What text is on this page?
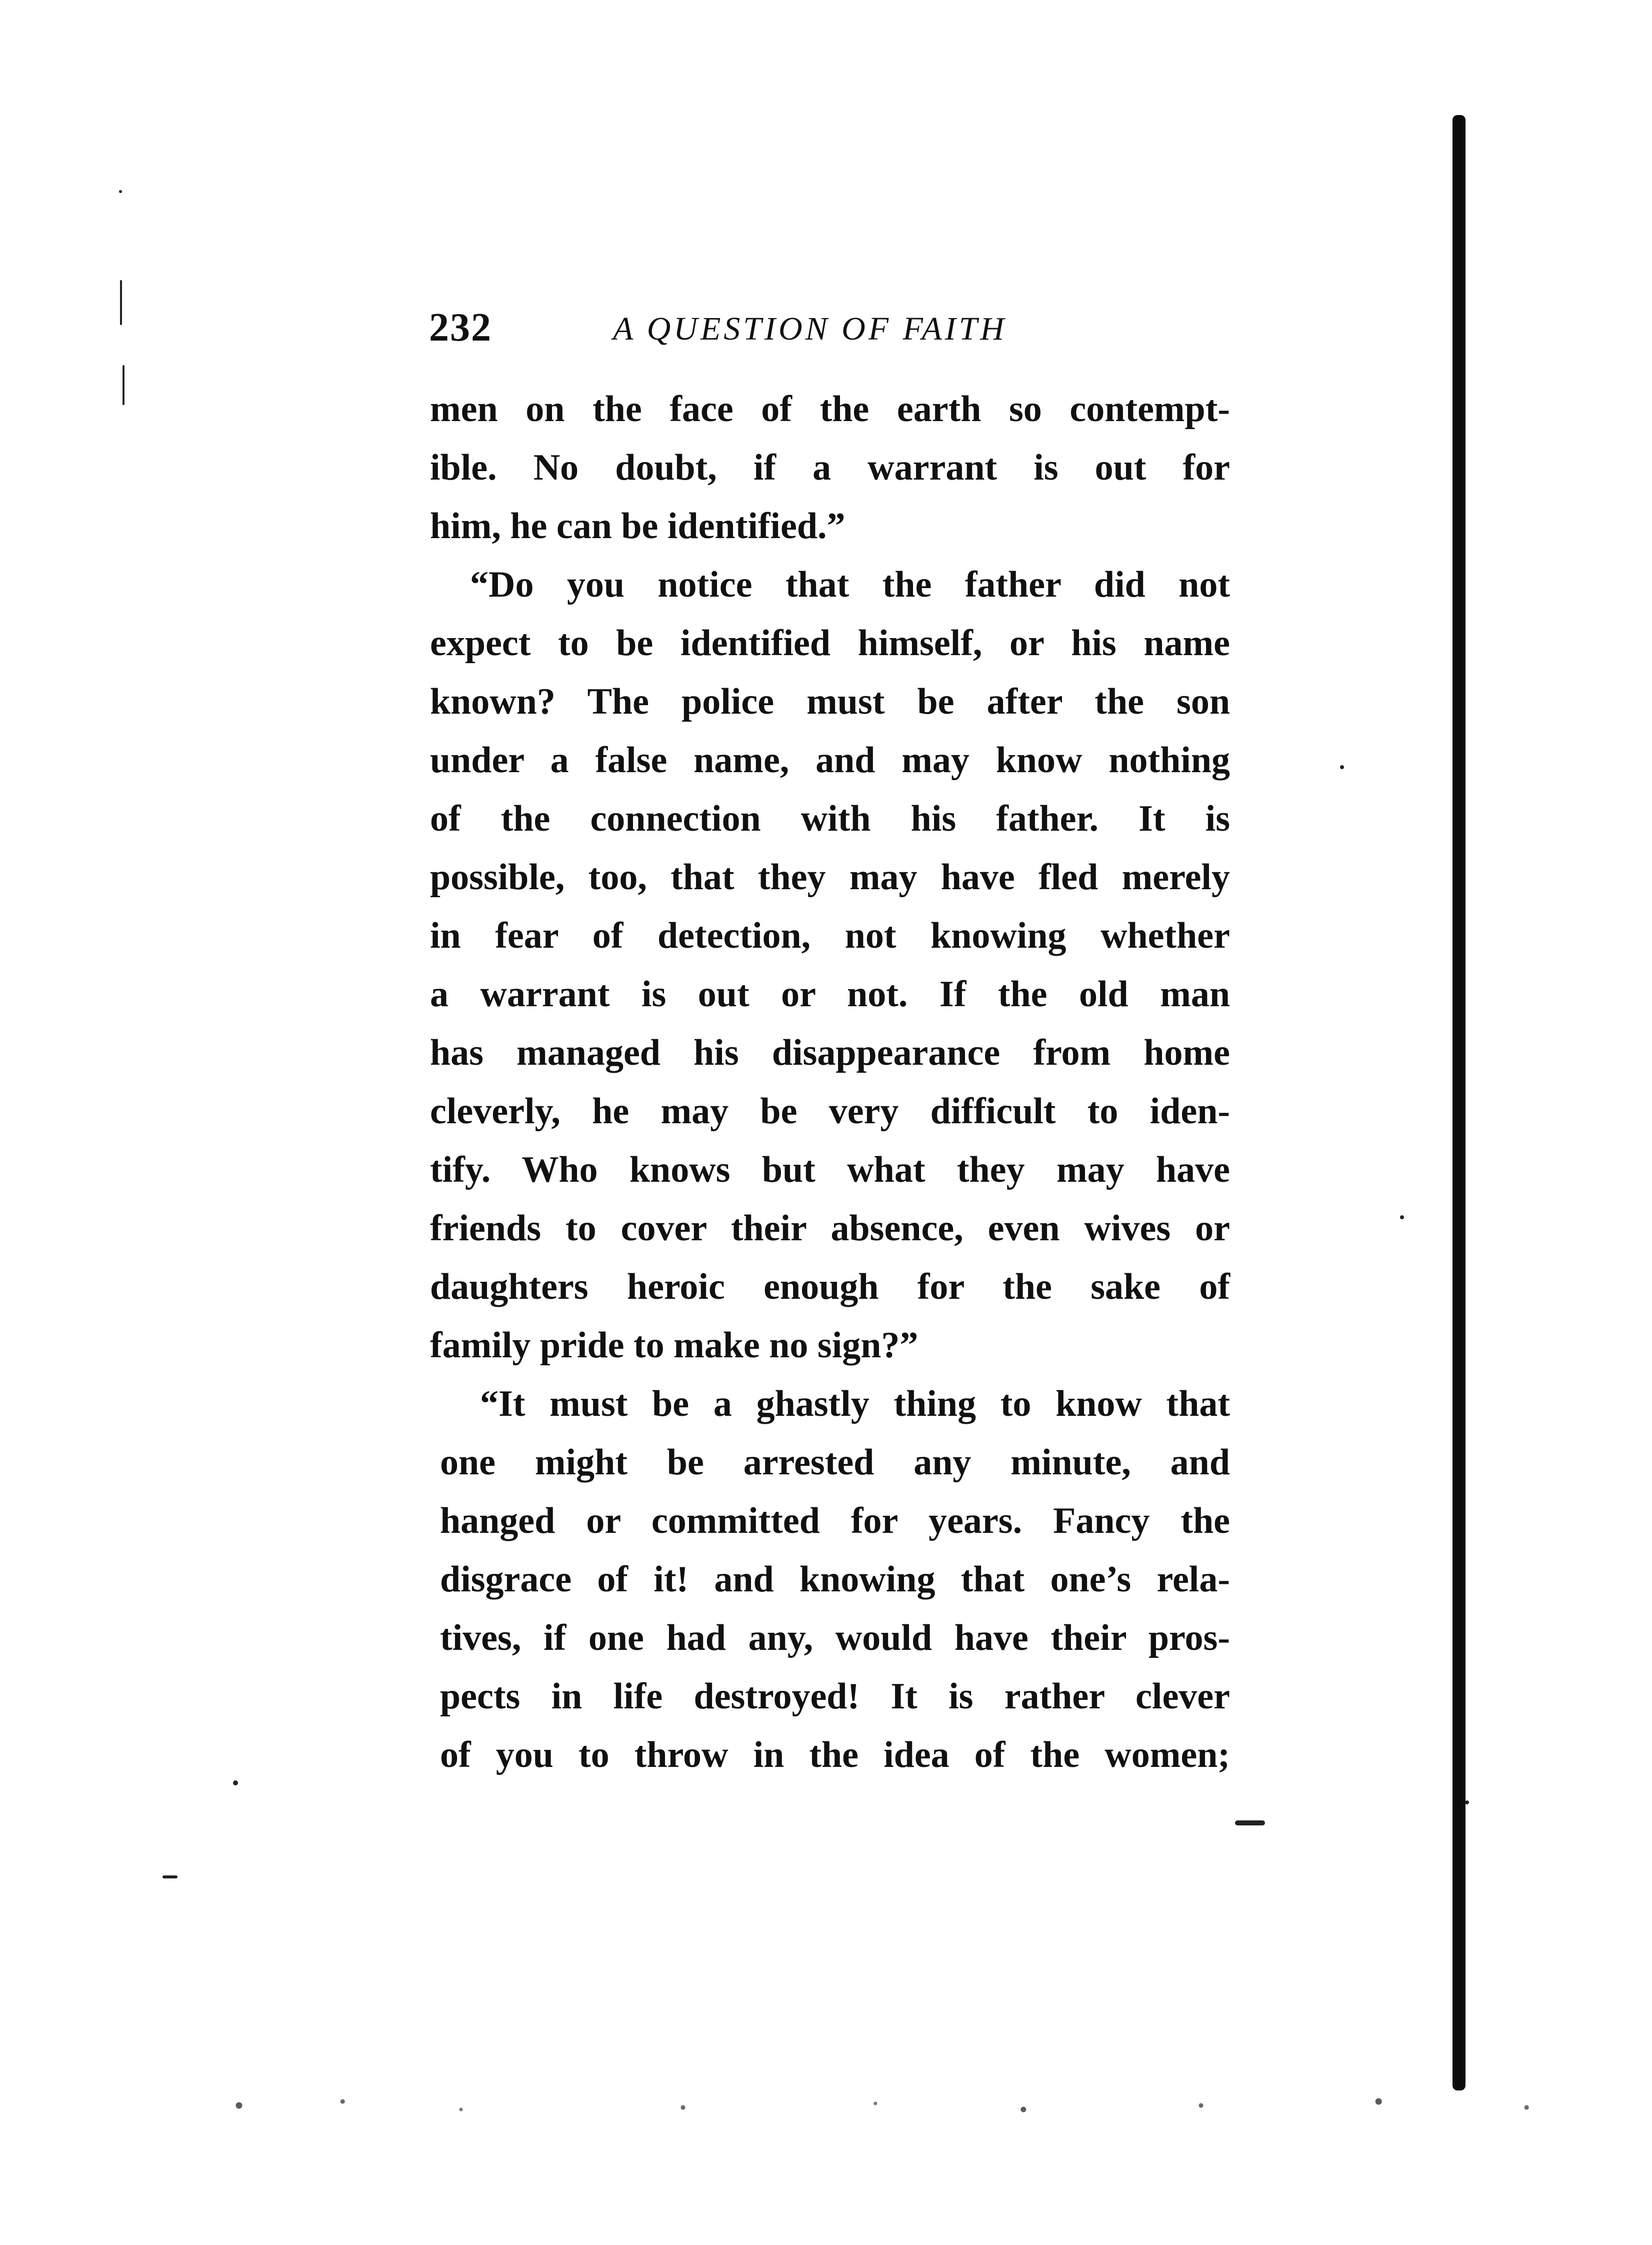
232	A QUESTION OF FAITH
men on the face of the earth so contempt-
ible. No doubt, if a warrant is out for
him, he can be identified.”
“Do you notice that the father did not
expect to be identified himself, or his name
known? The police must be after the son
under a false name, and may know nothing
of the connection with his father. It is
possible, too, that they may have fled merely
in fear of detection, not knowing whether
a warrant is out or not. If the old man
has managed his disappearance from home
cleverly, he may be very difficult to iden-
tify. Who knows but what they may have
friends to cover their absence, even wives or
daughters heroic enough for the sake of
family pride to make no sign?”
“It must be a ghastly thing to know that
one might be arrested any minute, and
hanged or committed for years. Fancy the
disgrace of it! and knowing that one’s rela-
tives, if one had any, would have their pros-
pects in life destroyed! It is rather clever
of you to throw in the idea of the women;
